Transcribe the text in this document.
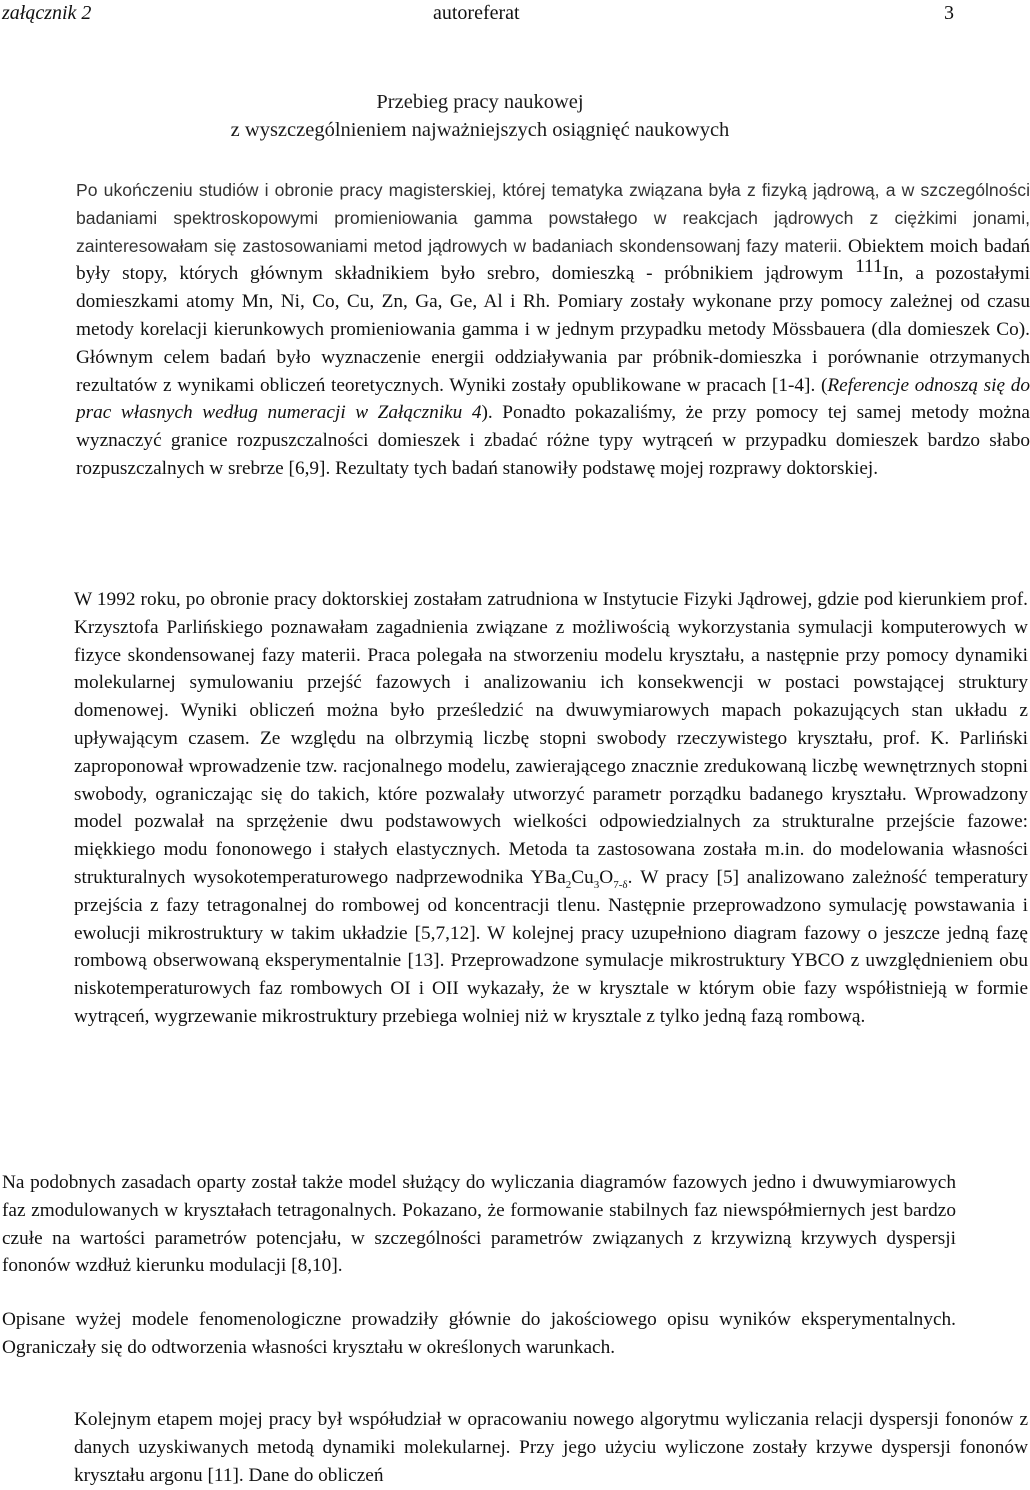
załącznik 2	autoreferat	3
Przebieg pracy naukowej
z wyszczególnieniem najważniejszych osiągnięć naukowych
Po ukończeniu studiów i obronie pracy magisterskiej, której tematyka związana była z fizyką jądrową, a w szczególności badaniami spektroskopowymi promieniowania gamma powstałego w reakcjach jądrowych z ciężkimi jonami, zainteresowałam się zastosowaniami metod jądrowych w badaniach skondensowanj fazy materii. Obiektem moich badań były stopy, których głównym składnikiem było srebro, domieszką - próbnikiem jądrowym $^{111}$In, a pozostałymi domieszkami atomy Mn, Ni, Co, Cu, Zn, Ga, Ge, Al i Rh. Pomiary zostały wykonane przy pomocy zależnej od czasu metody korelacji kierunkowych promieniowania gamma i w jednym przypadku metody Mössbauera (dla domieszek Co). Głównym celem badań było wyznaczenie energii oddziaływania par próbnik-domieszka i porównanie otrzymanych rezultatów z wynikami obliczeń teoretycznych. Wyniki zostały opublikowane w pracach [1-4]. (Referencje odnoszą się do prac własnych według numeracji w Załączniku 4). Ponadto pokazaliśmy, że przy pomocy tej samej metody można wyznaczyć granice rozpuszczalności domieszek i zbadać różne typy wytrąceń w przypadku domieszek bardzo słabo rozpuszczalnych w srebrze [6,9]. Rezultaty tych badań stanowiły podstawę mojej rozprawy doktorskiej.
W 1992 roku, po obronie pracy doktorskiej zostałam zatrudniona w Instytucie Fizyki Jądrowej, gdzie pod kierunkiem prof. Krzysztofa Parlińskiego poznawałam zagadnienia związane z możliwością wykorzystania symulacji komputerowych w fizyce skondensowanej fazy materii. Praca polegała na stworzeniu modelu kryształu, a następnie przy pomocy dynamiki molekularnej symulowaniu przejść fazowych i analizowaniu ich konsekwencji w postaci powstającej struktury domenowej. Wyniki obliczeń można było prześledzić na dwuwymiarowych mapach pokazujących stan układu z upływającym czasem. Ze względu na olbrzymią liczbę stopni swobody rzeczywistego kryształu, prof. K. Parliński zaproponował wprowadzenie tzw. racjonalnego modelu, zawierającego znacznie zredukowaną liczbę wewnętrznych stopni swobody, ograniczając się do takich, które pozwalały utworzyć parametr porządku badanego kryształu. Wprowadzony model pozwalał na sprzężenie dwu podstawowych wielkości odpowiedzialnych za strukturalne przejście fazowe: miękkiego modu fononowego i stałych elastycznych. Metoda ta zastosowana została m.in. do modelowania własności strukturalnych wysokotemperaturowego nadprzewodnika $YBa_2Cu_3O_{7-\delta}$. W pracy [5] analizowano zależność temperatury przejścia z fazy tetragonalnej do rombowej od koncentracji tlenu. Następnie przeprowadzono symulację powstawania i ewolucji mikrostruktury w takim układzie [5,7,12]. W kolejnej pracy uzupełniono diagram fazowy o jeszcze jedną fazę rombową obserwowaną eksperymentalnie [13]. Przeprowadzone symulacje mikrostruktury YBCO z uwzględnieniem obu niskotemperaturowych faz rombowych OI i OII wykazały, że w krysztale w którym obie fazy współistnieją w formie wytrąceń, wygrzewanie mikrostruktury przebiega wolniej niż w krysztale z tylko jedną fazą rombową.
Na podobnych zasadach oparty został także model służący do wyliczania diagramów fazowych jedno i dwuwymiarowych faz zmodulowanych w kryształach tetragonalnych. Pokazano, że formowanie stabilnych faz niewspółmiernych jest bardzo czułe na wartości parametrów potencjału, w szczególności parametrów związanych z krzywizną krzywych dyspersji fononów wzdłuż kierunku modulacji [8,10].
Opisane wyżej modele fenomenologiczne prowadziły głównie do jakościowego opisu wyników eksperymentalnych. Ograniczały się do odtworzenia własności kryształu w określonych warunkach.
Kolejnym etapem mojej pracy był współudział w opracowaniu nowego algorytmu wyliczania relacji dyspersji fononów z danych uzyskiwanych metodą dynamiki molekularnej. Przy jego użyciu wyliczone zostały krzywe dyspersji fononów kryształu argonu [11]. Dane do obliczeń
